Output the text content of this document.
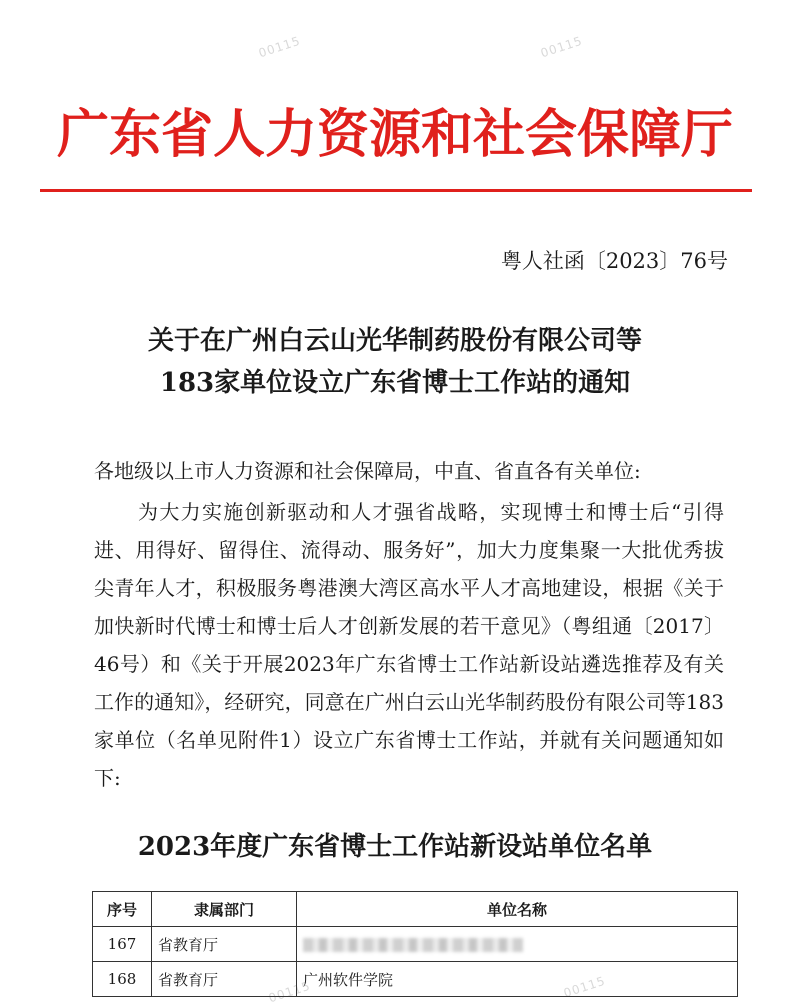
00115	00115
00115	00115
广东省人力资源和社会保障厅
粤人社函〔2023〕76号
关于在广州白云山光华制药股份有限公司等
183家单位设立广东省博士工作站的通知
各地级以上市人力资源和社会保障局，中直、省直各有关单位:
为大力实施创新驱动和人才强省战略，实现博士和博士后“引得进、用得好、留得住、流得动、服务好”，加大力度集聚一大批优秀拔尖青年人才，积极服务粤港澳大湾区高水平人才高地建设，根据《关于加快新时代博士和博士后人才创新发展的若干意见》（粤组通〔2017〕46号）和《关于开展2023年广东省博士工作站新设站遴选推荐及有关工作的通知》，经研究，同意在广州白云山光华制药股份有限公司等183家单位（名单见附件1）设立广东省博士工作站，并就有关问题通知如下:
2023年度广东省博士工作站新设站单位名单
序号	隶属部门	单位名称
167	省教育厅	
168	省教育厅	广州软件学院
